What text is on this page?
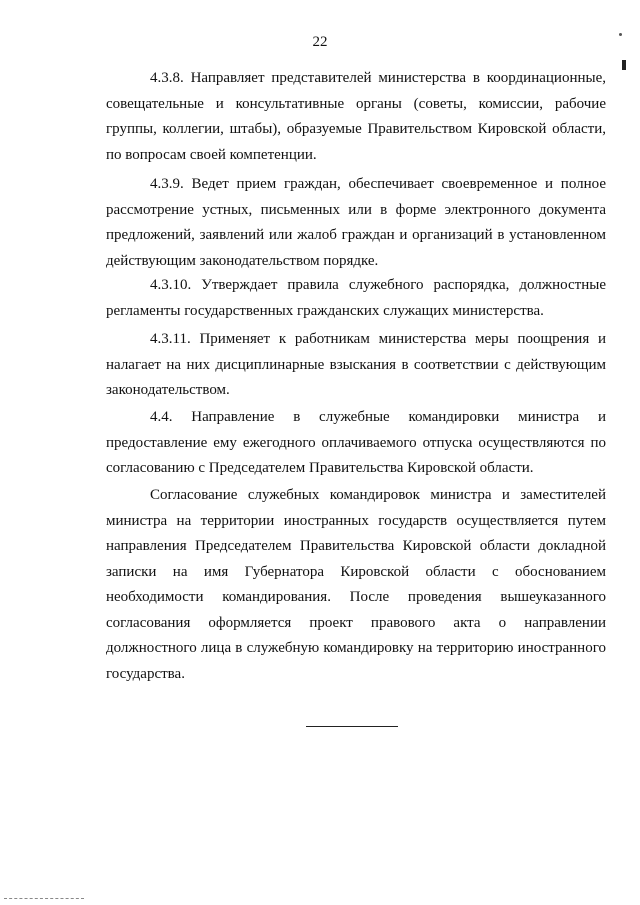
22

4.3.8. Направляет представителей министерства в координационные, совещательные и консультативные органы (советы, комиссии, рабочие группы, коллегии, штабы), образуемые Правительством Кировской области, по вопросам своей компетенции.

4.3.9. Ведет прием граждан, обеспечивает своевременное и полное рассмотрение устных, письменных или в форме электронного документа предложений, заявлений или жалоб граждан и организаций в установленном действующим законодательством порядке.

4.3.10. Утверждает правила служебного распорядка, должностные регламенты государственных гражданских служащих министерства.

4.3.11. Применяет к работникам министерства меры поощрения и налагает на них дисциплинарные взыскания в соответствии с действующим законодательством.

4.4. Направление в служебные командировки министра и предоставление ему ежегодного оплачиваемого отпуска осуществляются по согласованию с Председателем Правительства Кировской области.

Согласование служебных командировок министра и заместителей министра на территории иностранных государств осуществляется путем направления Председателем Правительства Кировской области докладной записки на имя Губернатора Кировской области с обоснованием необходимости командирования. После проведения вышеуказанного согласования оформляется проект правового акта о направлении должностного лица в служебную командировку на территорию иностранного государства.
